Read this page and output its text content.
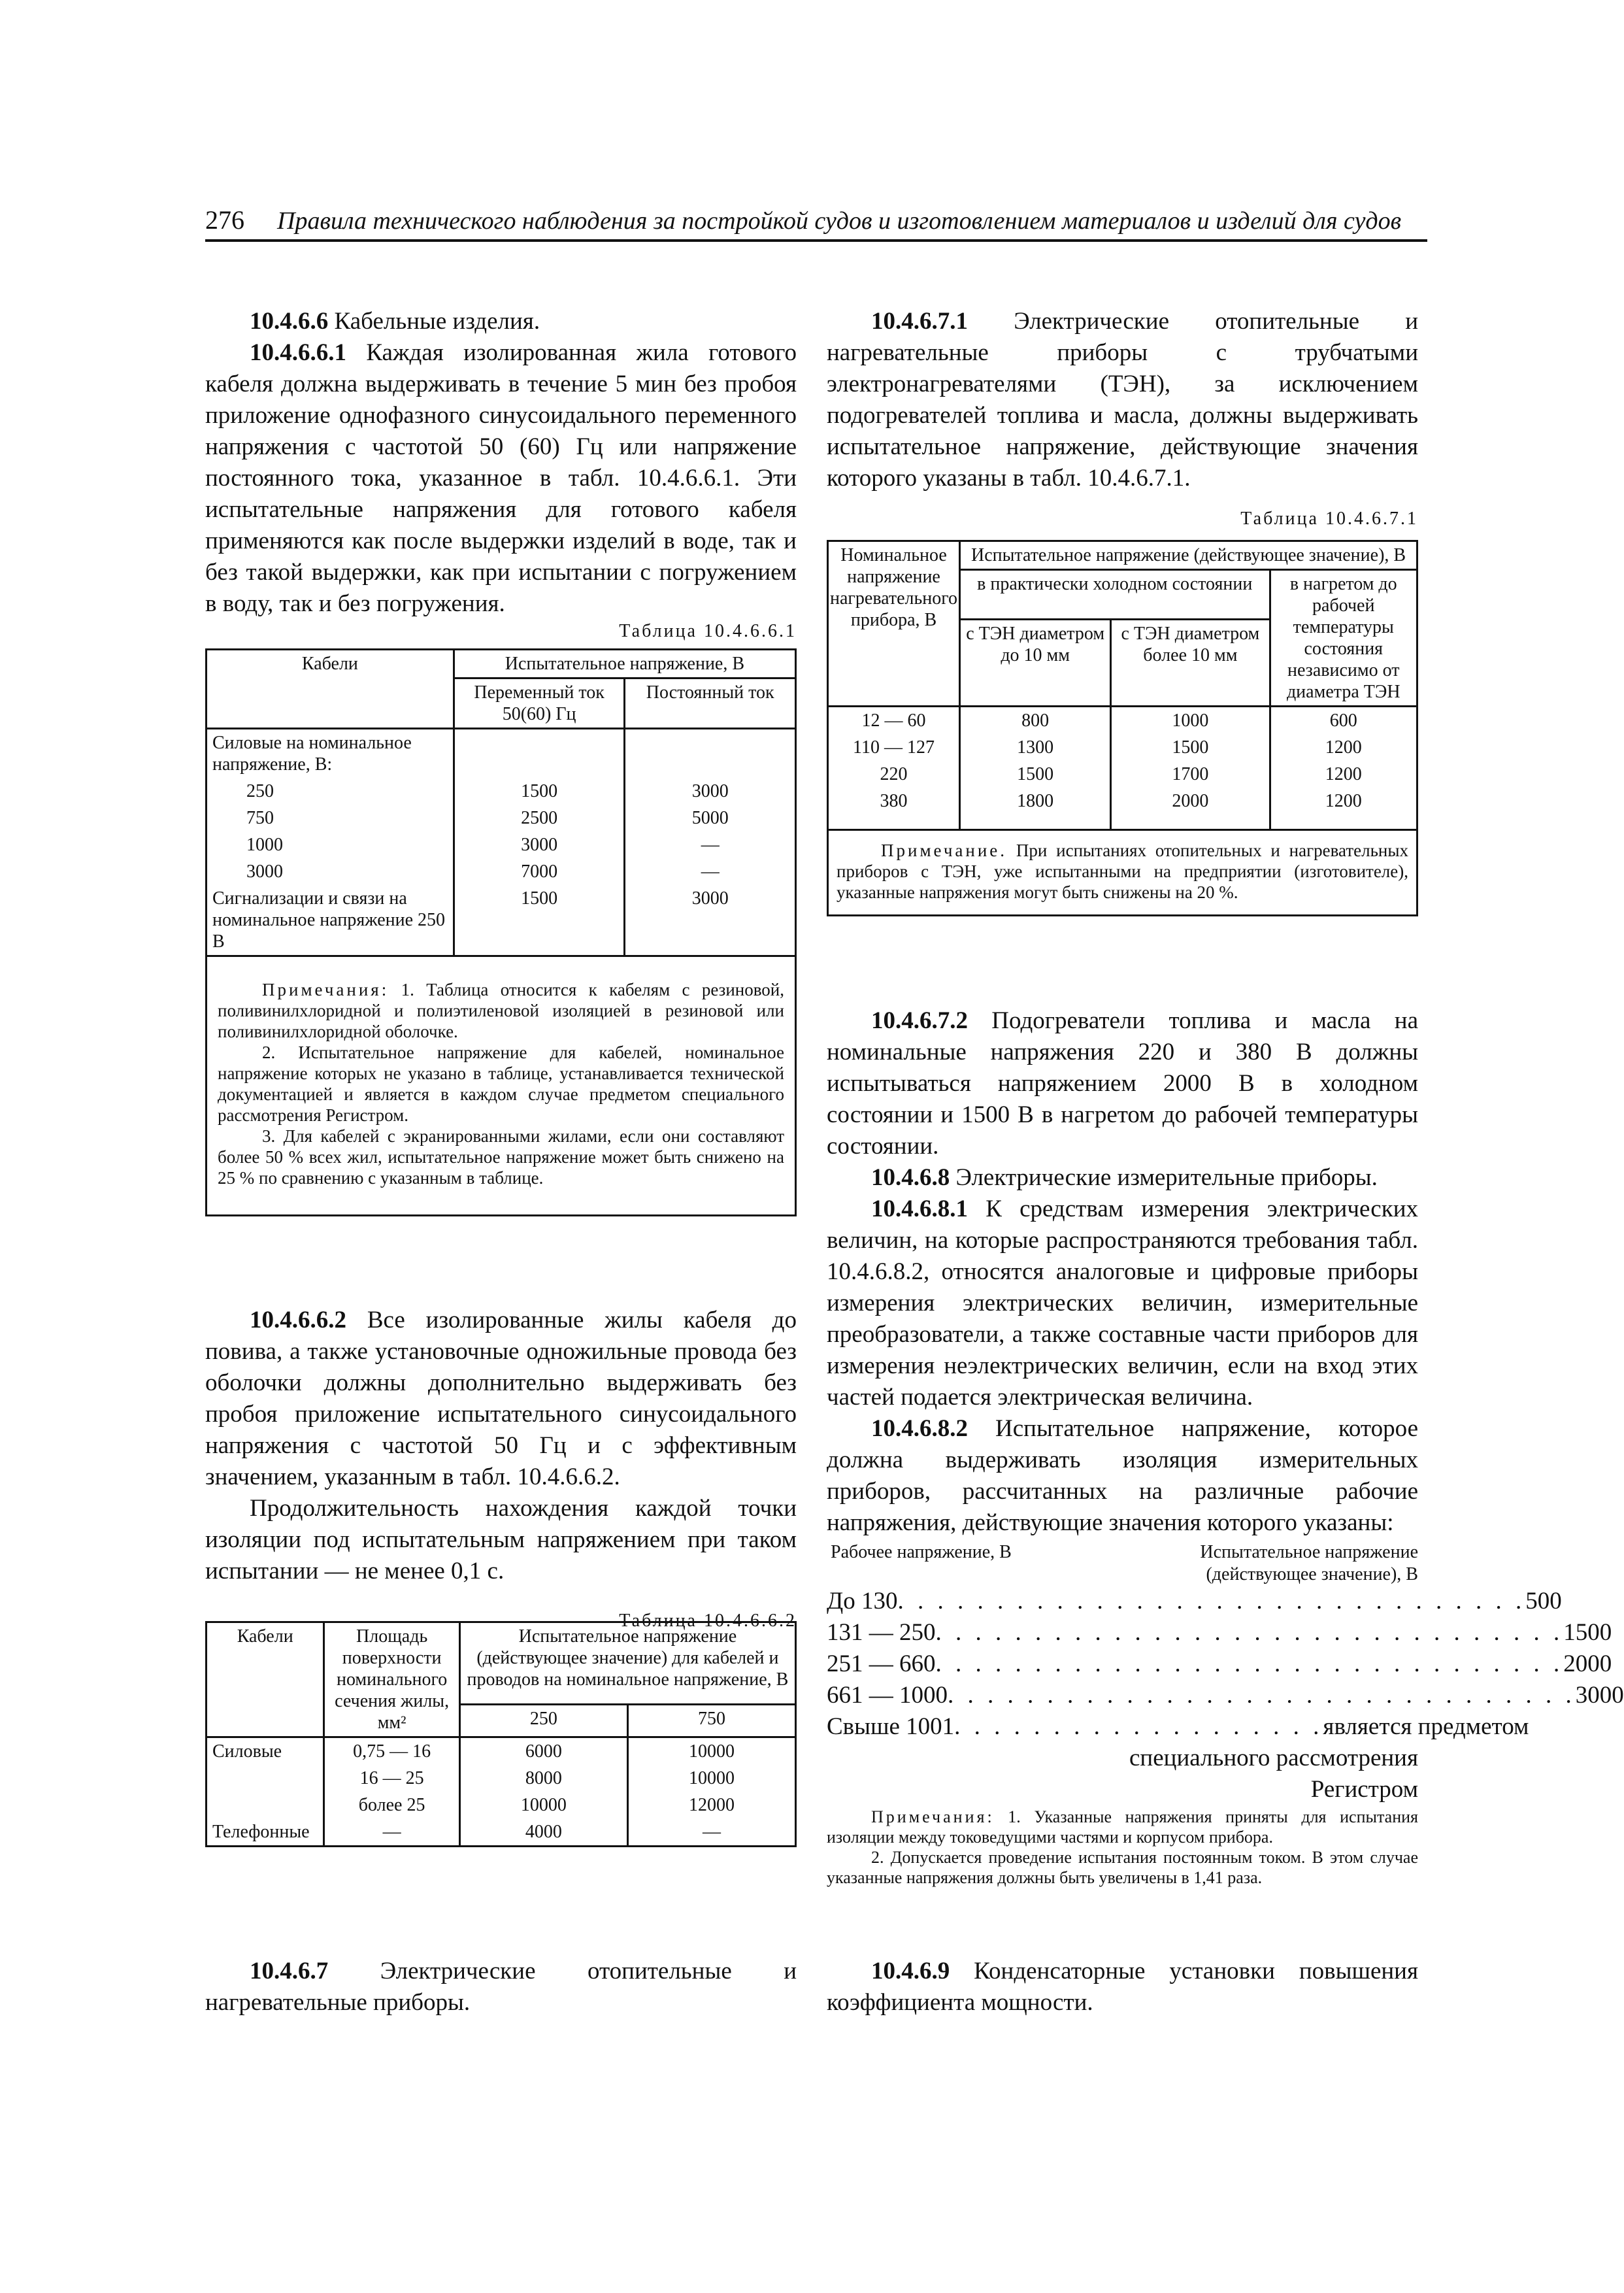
276	Правила технического наблюдения за постройкой судов и изготовлением материалов и изделий для судов

10.4.6.6 Кабельные изделия.

10.4.6.6.1 Каждая изолированная жила готового кабеля должна выдерживать в течение 5 мин без пробоя приложение однофазного синусоидального переменного напряжения с частотой 50 (60) Гц или напряжение постоянного тока, указанное в табл. 10.4.6.6.1. Эти испытательные напряжения для готового кабеля применяются как после выдержки изделий в воде, так и без такой выдержки, как при испытании с погружением в воду, так и без погружения.

Таблица 10.4.6.6.1
Кабели	Испытательное напряжение, В	
	Переменный ток 50(60) Гц	Постоянный ток
Силовые на номинальное напряжение, В:		
250	1500	3000
750	2500	5000
1000	3000	—
3000	7000	—
Сигнализации и связи на номинальное напряжение 250 В	1500	3000

Примечания: 1. Таблица относится к кабелям с резиновой, поливинилхлоридной и полиэтиленовой изоляцией в резиновой или поливинилхлоридной оболочке.

2. Испытательное напряжение для кабелей, номинальное напряжение которых не указано в таблице, устанавливается технической документацией и является в каждом случае предметом специального рассмотрения Регистром.

3. Для кабелей с экранированными жилами, если они составляют более 50 % всех жил, испытательное напряжение может быть снижено на 25 % по сравнению с указанным в таблице.		

10.4.6.6.2 Все изолированные жилы кабеля до повива, а также установочные одножильные провода без оболочки должны дополнительно выдерживать без пробоя приложение испытательного синусоидального напряжения с частотой 50 Гц и с эффективным значением, указанным в табл. 10.4.6.6.2.

Продолжительность нахождения каждой точки изоляции под испытательным напряжением при таком испытании — не менее 0,1 с.

Таблица 10.4.6.6.2
Кабели	Площадь поверхности номинального сечения жилы, мм²	Испытательное напряжение (действующее значение) для кабелей и проводов на номинальное напряжение, В	
		250	750
Силовые	0,75 — 16	6000	10000
	16 — 25	8000	10000
	более 25	10000	12000
Телефонные	—	4000	—

10.4.6.7 Электрические отопительные и нагревательные приборы.

10.4.6.7.1 Электрические отопительные и нагревательные приборы с трубчатыми электронагревателями (ТЭН), за исключением подогревателей топлива и масла, должны выдерживать испытательное напряжение, действующие значения которого указаны в табл. 10.4.6.7.1.

Таблица 10.4.6.7.1
Номинальное напряжение нагревательного прибора, В	Испытательное напряжение (действующее значение), В		
	в практически холодном состоянии		в нагретом до рабочей температуры состояния независимо от диаметра ТЭН
	с ТЭН диаметром до 10 мм	с ТЭН диаметром более 10 мм	
12 — 60	800	1000	600
110 — 127	1300	1500	1200
220	1500	1700	1200
380	1800	2000	1200

Примечание. При испытаниях отопительных и нагревательных приборов с ТЭН, уже испытанными на предприятии (изготовителе), указанные напряжения могут быть снижены на 20 %.			

10.4.6.7.2 Подогреватели топлива и масла на номинальные напряжения 220 и 380 В должны испытываться напряжением 2000 В в холодном состоянии и 1500 В в нагретом до рабочей температуры состоянии.

10.4.6.8 Электрические измерительные приборы.

10.4.6.8.1 К средствам измерения электрических величин, на которые распространяются требования табл. 10.4.6.8.2, относятся аналоговые и цифровые приборы измерения электрических величин, измерительные преобразователи, а также составные части приборов для измерения неэлектрических величин, если на вход этих частей подается электрическая величина.

10.4.6.8.2 Испытательное напряжение, которое должна выдерживать изоляция измерительных приборов, рассчитанных на различные рабочие напряжения, действующие значения которого указаны:

Рабочее напряжение, В	Испытательное напряжение (действующее значение), В
До 130 . . . . . . . . . . . . . . . . . . . . . . . . . . . . . . . . 500
131 — 250 . . . . . . . . . . . . . . . . . . . . . . . . . . . . . . . . 1500
251 — 660 . . . . . . . . . . . . . . . . . . . . . . . . . . . . . . . . 2000
661 — 1000 . . . . . . . . . . . . . . . . . . . . . . . . . . . . . . . . 3000
Свыше 1001 . . . . . . . . . . . . . . . . . . . является предметом
специального рассмотрения
Регистром

Примечания: 1. Указанные напряжения приняты для испытания изоляции между токоведущими частями и корпусом прибора.

2. Допускается проведение испытания постоянным током. В этом случае указанные напряжения должны быть увеличены в 1,41 раза.

10.4.6.9 Конденсаторные установки повышения коэффициента мощности.
